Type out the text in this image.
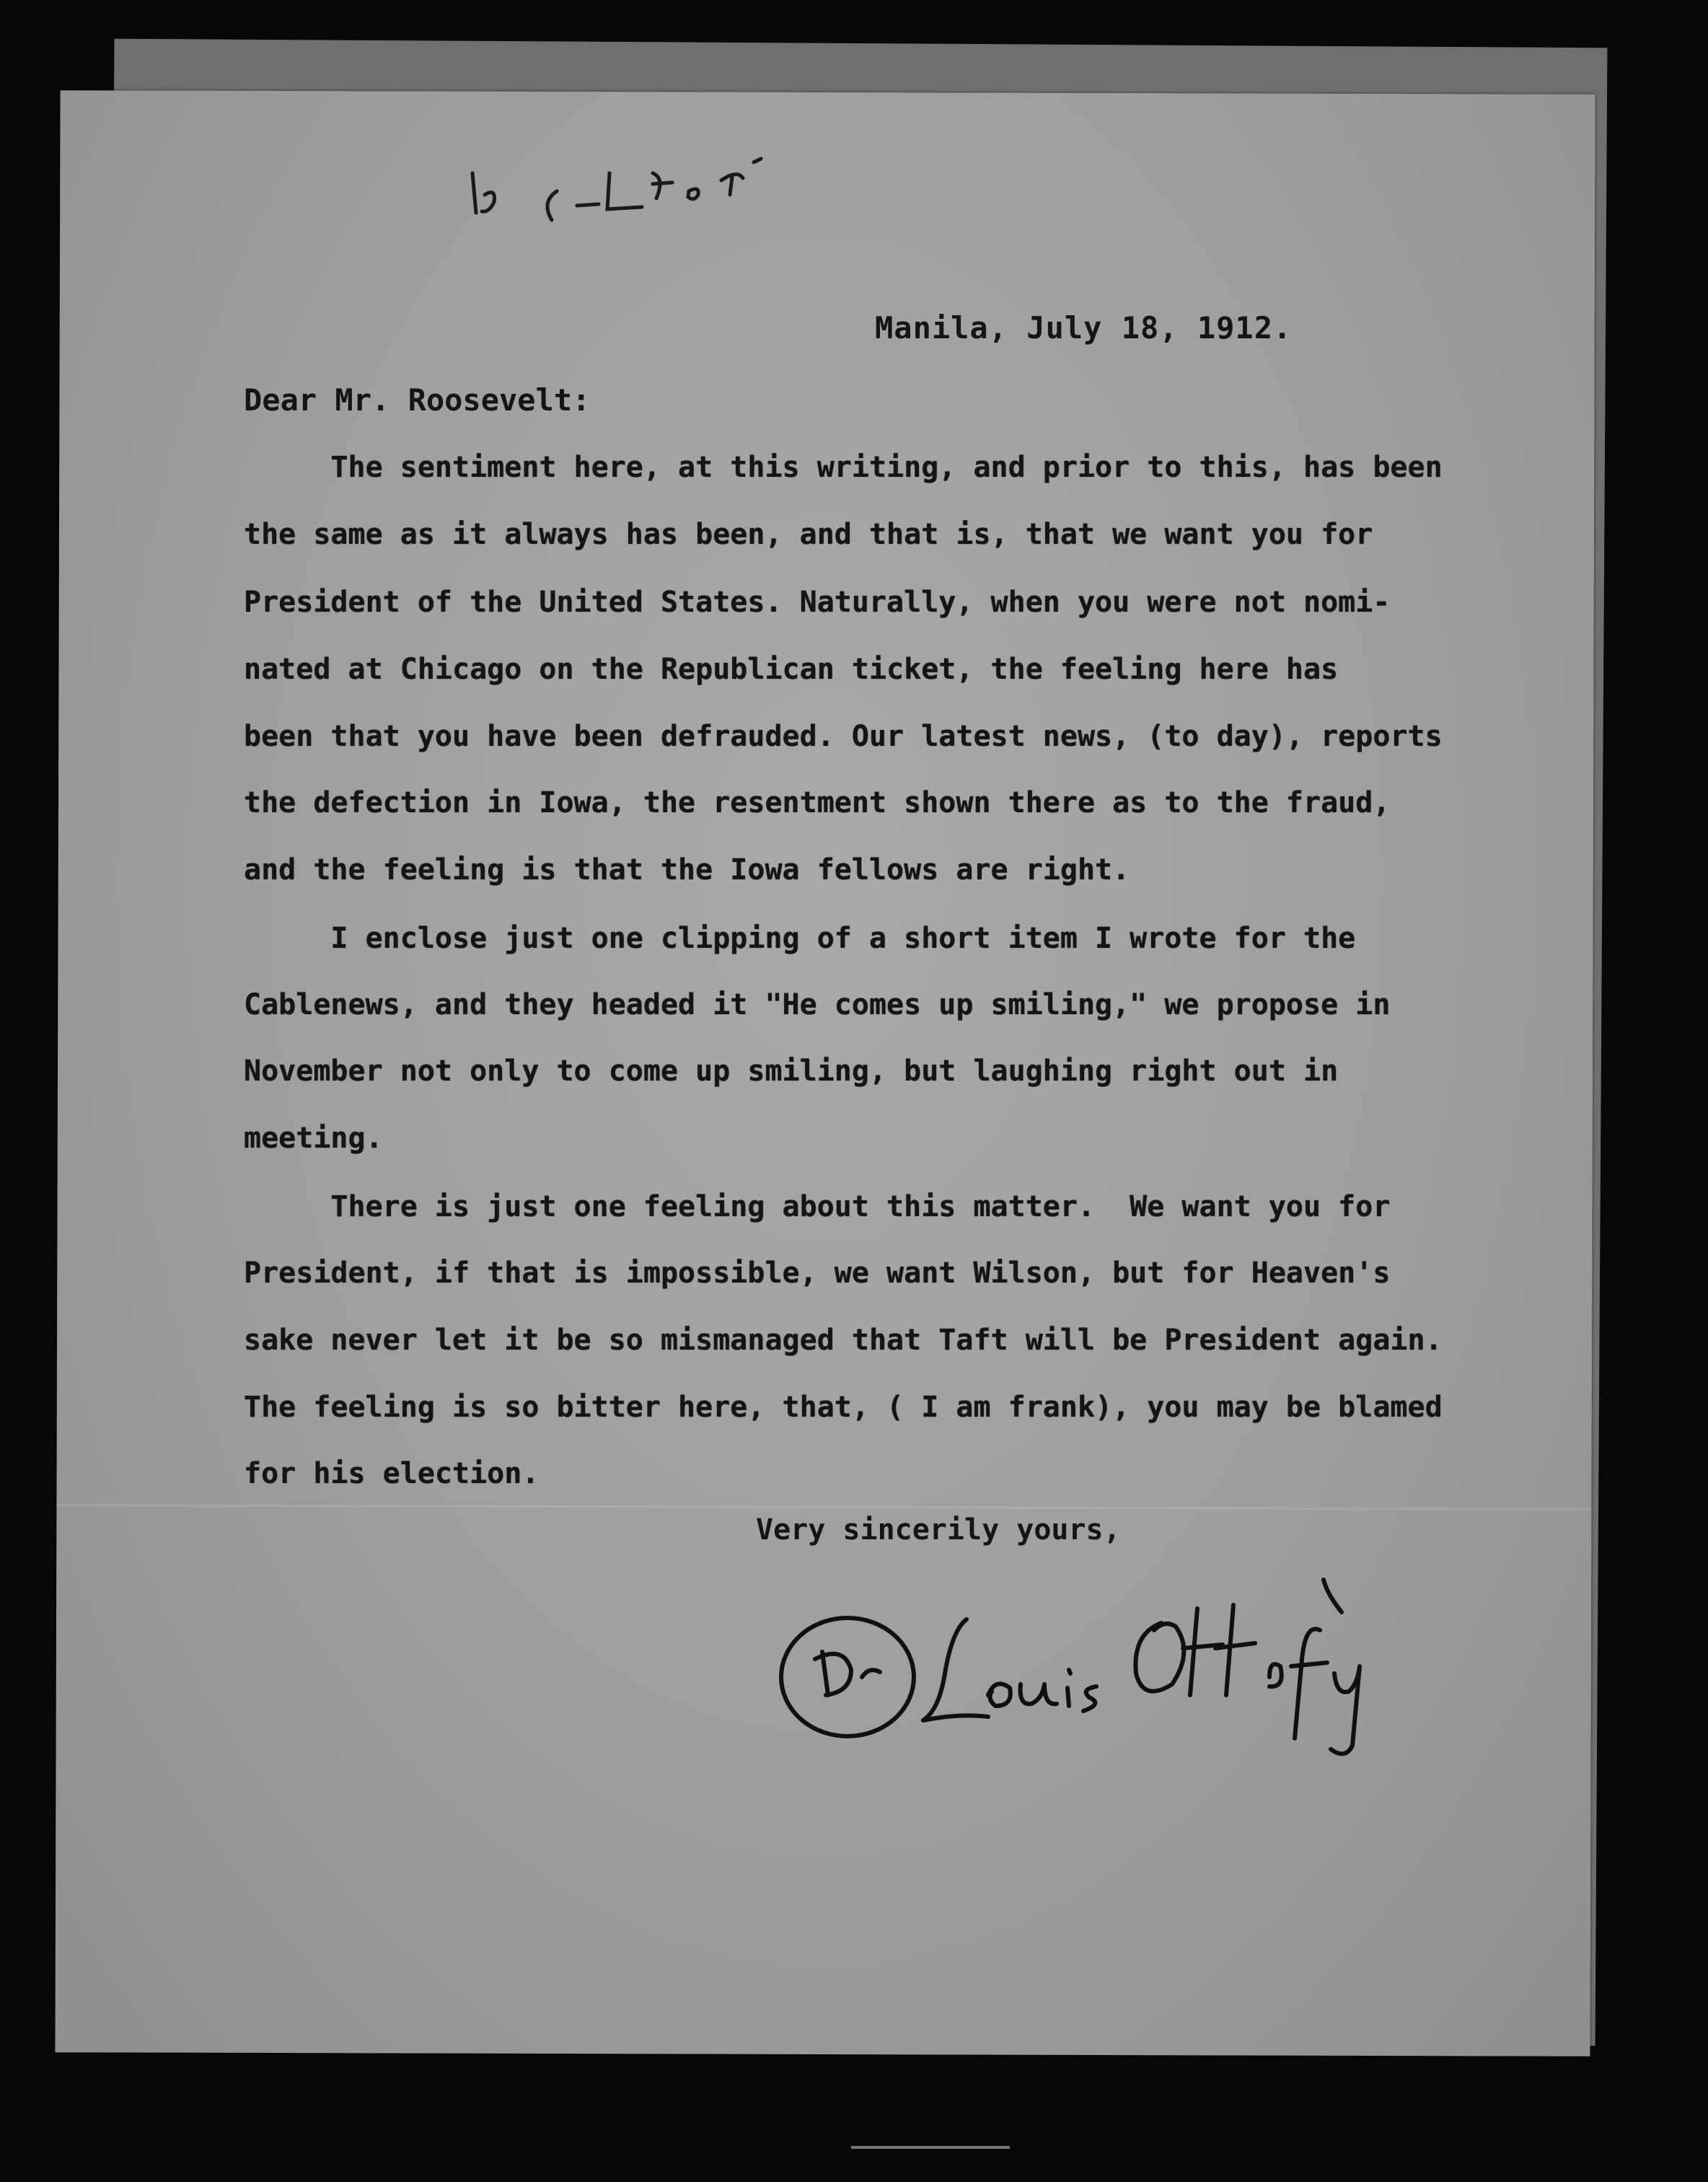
Manila, July 18, 1912.
Dear Mr. Roosevelt:
The sentiment here, at this writing, and prior to this, has been
the same as it always has been, and that is, that we want you for
President of the United States. Naturally, when you were not nomi-
nated at Chicago on the Republican ticket, the feeling here has
been that you have been defrauded. Our latest news, (to day), reports
the defection in Iowa, the resentment shown there as to the fraud,
and the feeling is that the Iowa fellows are right.
I enclose just one clipping of a short item I wrote for the
Cablenews, and they headed it "He comes up smiling," we propose in
November not only to come up smiling, but laughing right out in
meeting.
There is just one feeling about this matter.  We want you for
President, if that is impossible, we want Wilson, but for Heaven's
sake never let it be so mismanaged that Taft will be President again.
The feeling is so bitter here, that, ( I am frank), you may be blamed
for his election.
Very sincerily yours,
